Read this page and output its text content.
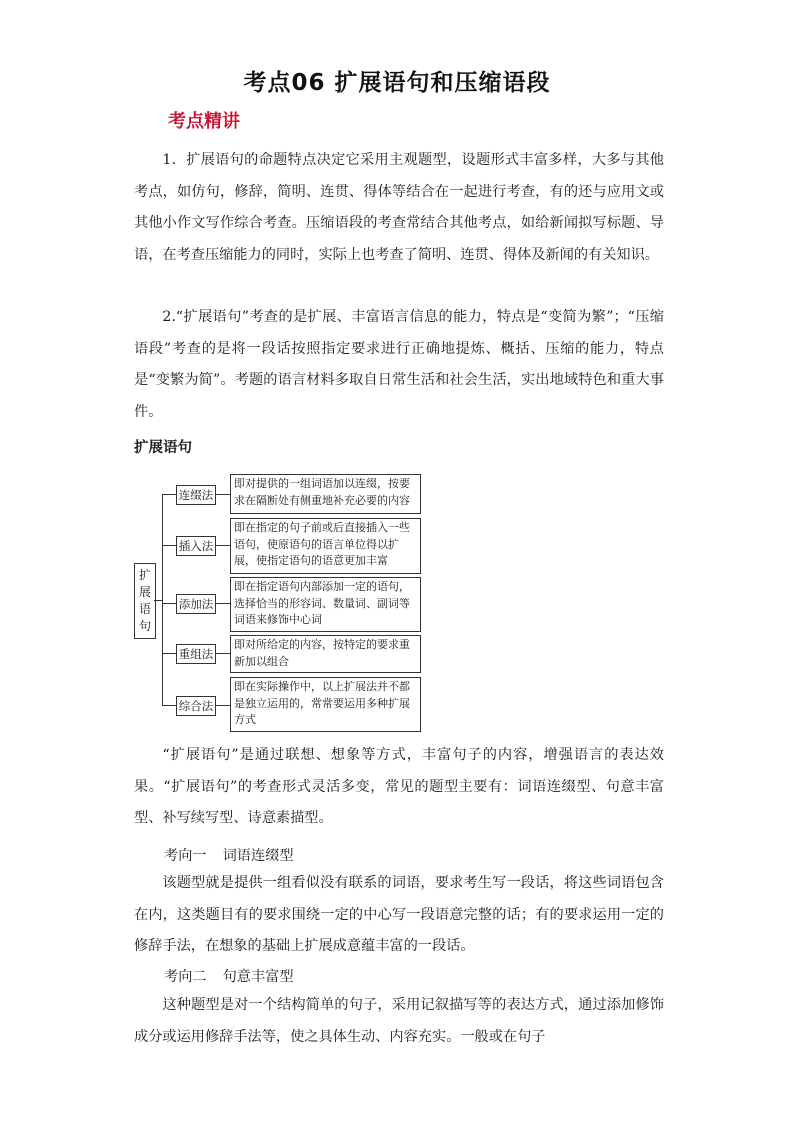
考点06 扩展语句和压缩语段
考点精讲

1．扩展语句的命题特点决定它采用主观题型，设题形式丰富多样，大多与其他考点，如仿句，修辞，简明、连贯、得体等结合在一起进行考查，有的还与应用文或其他小作文写作综合考查。压缩语段的考查常结合其他考点，如给新闻拟写标题、导语，在考查压缩能力的同时，实际上也考查了简明、连贯、得体及新闻的有关知识。

2.“扩展语句”考查的是扩展、丰富语言信息的能力，特点是“变简为繁”；“压缩语段”考查的是将一段话按照指定要求进行正确地提炼、概括、压缩的能力，特点是“变繁为简”。考题的语言材料多取自日常生活和社会生活，实出地域特色和重大事件。

扩展语句
扩展语句
连缀法
即对提供的一组词语加以连缀，按要求在隔断处有侧重地补充必要的内容
插入法
即在指定的句子前或后直接插入一些语句，使原语句的语言单位得以扩展，使指定语句的语意更加丰富
添加法
即在指定语句内部添加一定的语句，选择恰当的形容词、数量词、副词等词语来修饰中心词
重组法
即对所给定的内容，按特定的要求重新加以组合
综合法
即在实际操作中，以上扩展法并不都是独立运用的，常常要运用多种扩展方式

“扩展语句”是通过联想、想象等方式，丰富句子的内容，增强语言的表达效果。“扩展语句”的考查形式灵活多变，常见的题型主要有：词语连缀型、句意丰富型、补写续写型、诗意素描型。

考向一 词语连缀型

该题型就是提供一组看似没有联系的词语，要求考生写一段话，将这些词语包含在内，这类题目有的要求围绕一定的中心写一段语意完整的话；有的要求运用一定的修辞手法，在想象的基础上扩展成意蕴丰富的一段话。

考向二 句意丰富型

这种题型是对一个结构简单的句子，采用记叙描写等的表达方式，通过添加修饰成分或运用修辞手法等，使之具体生动、内容充实。一般或在句子
